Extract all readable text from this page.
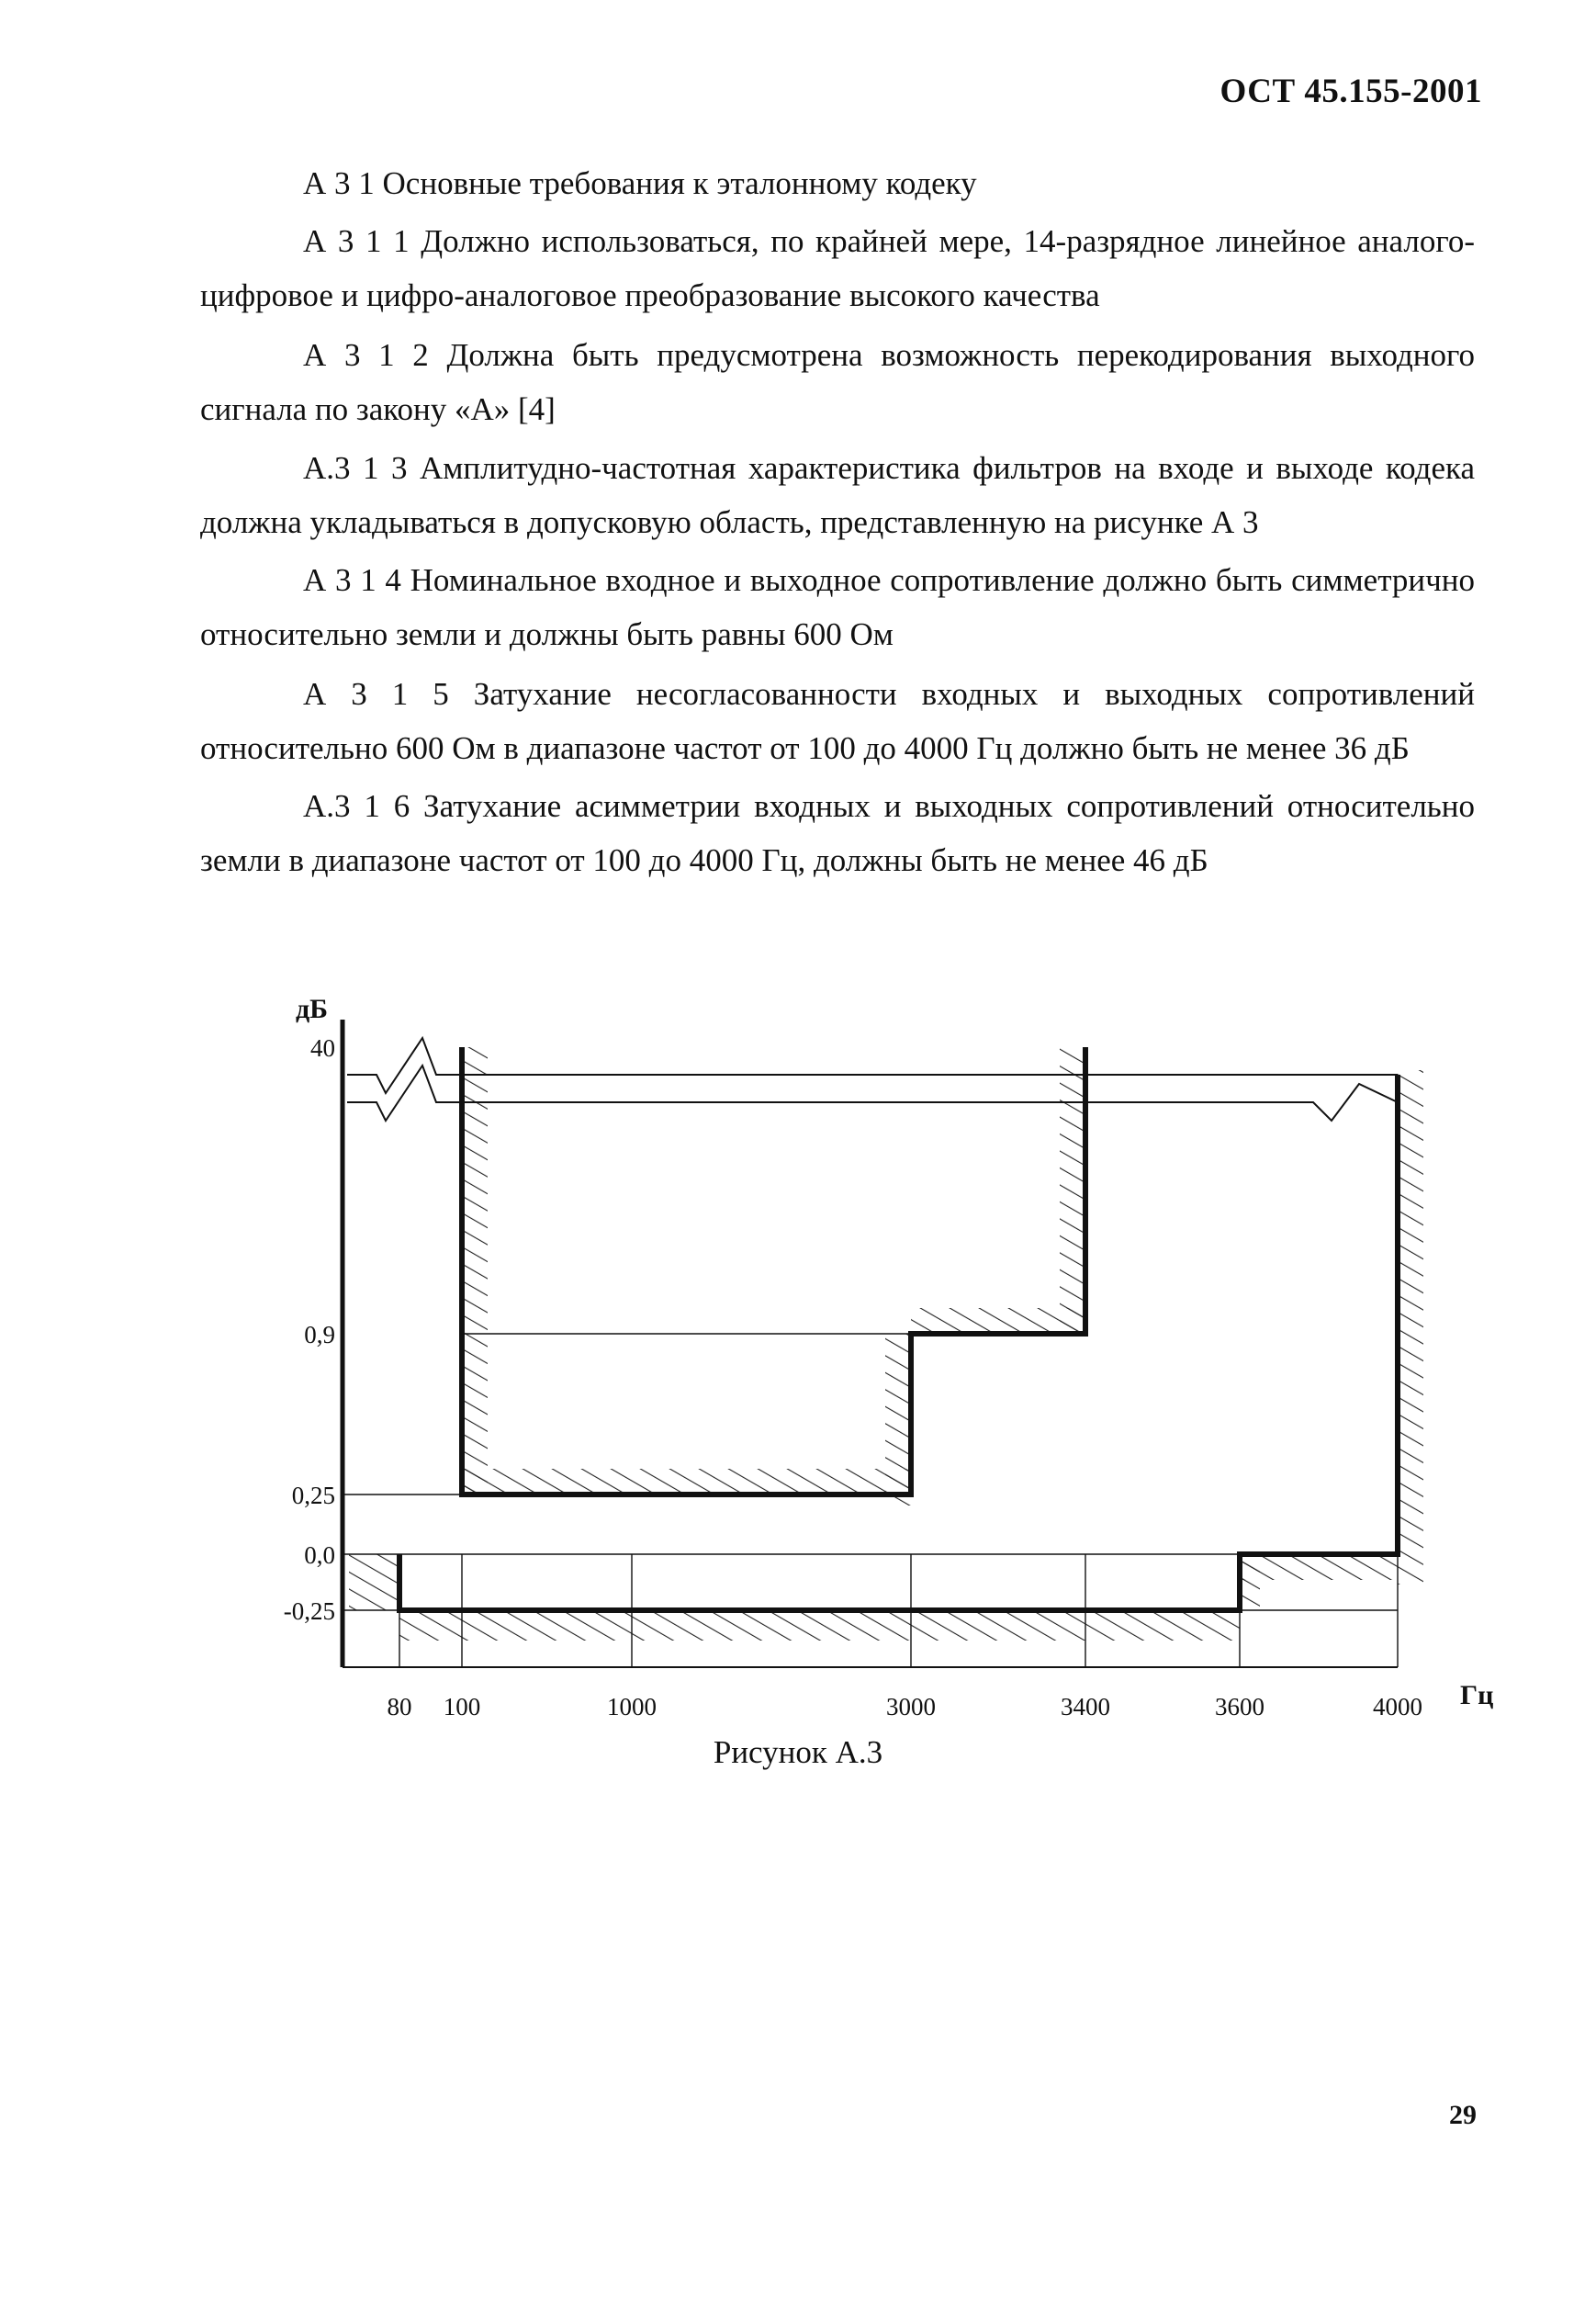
ОСТ 45.155-2001
А 3 1 Основные требования к эталонному кодеку
А 3 1 1 Должно использоваться, по крайней мере, 14-разрядное линейное аналого-цифровое и цифро-аналоговое преобразование высокого качества
А 3 1 2 Должна быть предусмотрена возможность перекодирования выходного сигнала по закону «А» [4]
А.3 1 3 Амплитудно-частотная характеристика фильтров на входе и выходе кодека должна укладываться в допусковую область, представленную на рисунке А 3
А 3 1 4 Номинальное входное и выходное сопротивление должно быть симметрично относительно земли и должны быть равны 600 Ом
А 3 1 5 Затухание несогласованности входных и выходных сопротивлений относительно 600 Ом в диапазоне частот от 100 до 4000 Гц должно быть не менее 36 дБ
А.3 1 6 Затухание асимметрии входных и выходных сопротивлений относительно земли в диапазоне частот от 100 до 4000 Гц, должны быть не менее 46 дБ
40
0,9
0,25
0,0
-0,25
дБ
80 100	1000	3000	3400	3600	4000 Гц
Рисунок А.3
29
